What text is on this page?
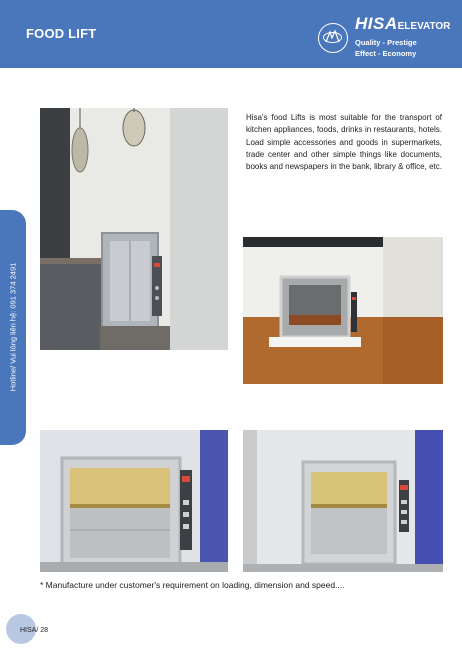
FOOD LIFT
HISAELEVATOR
Quality - Prestige
Effect - Economy
Hotline/ Vui lòng liên hệ: 091 374 2491
Hisa's food Lifts is most suitable for the transport of kitchen appliances, foods, drinks in restaurants, hotels. Load simple accessories and goods in supermarkets, trade center and other simple things like documents, books and newspapers in the bank, library & office, etc.
* Manufacture under customer's requirement on loading, dimension and speed....
HISA/ 28
